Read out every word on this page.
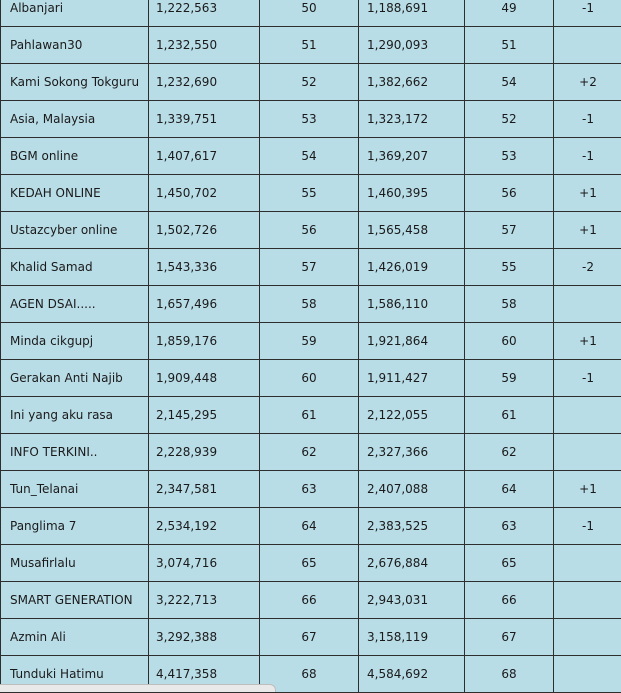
Albanjari	1,222,563	50	1,188,691	49	-1

Pahlawan30	1,232,550	51	1,290,093	51	

Kami Sokong Tokguru	1,232,690	52	1,382,662	54	+2

Asia, Malaysia	1,339,751	53	1,323,172	52	-1

BGM online	1,407,617	54	1,369,207	53	-1

KEDAH ONLINE	1,450,702	55	1,460,395	56	+1

Ustazcyber online	1,502,726	56	1,565,458	57	+1

Khalid Samad	1,543,336	57	1,426,019	55	-2

AGEN DSAI.....	1,657,496	58	1,586,110	58	

Minda cikgupj	1,859,176	59	1,921,864	60	+1

Gerakan Anti Najib	1,909,448	60	1,911,427	59	-1

Ini yang aku rasa	2,145,295	61	2,122,055	61	

INFO TERKINI..	2,228,939	62	2,327,366	62	

Tun_Telanai	2,347,581	63	2,407,088	64	+1

Panglima 7	2,534,192	64	2,383,525	63	-1

Musafirlalu	3,074,716	65	2,676,884	65	

SMART GENERATION	3,222,713	66	2,943,031	66	

Azmin Ali	3,292,388	67	3,158,119	67	

Tunduki Hatimu	4,417,358	68	4,584,692	68	
